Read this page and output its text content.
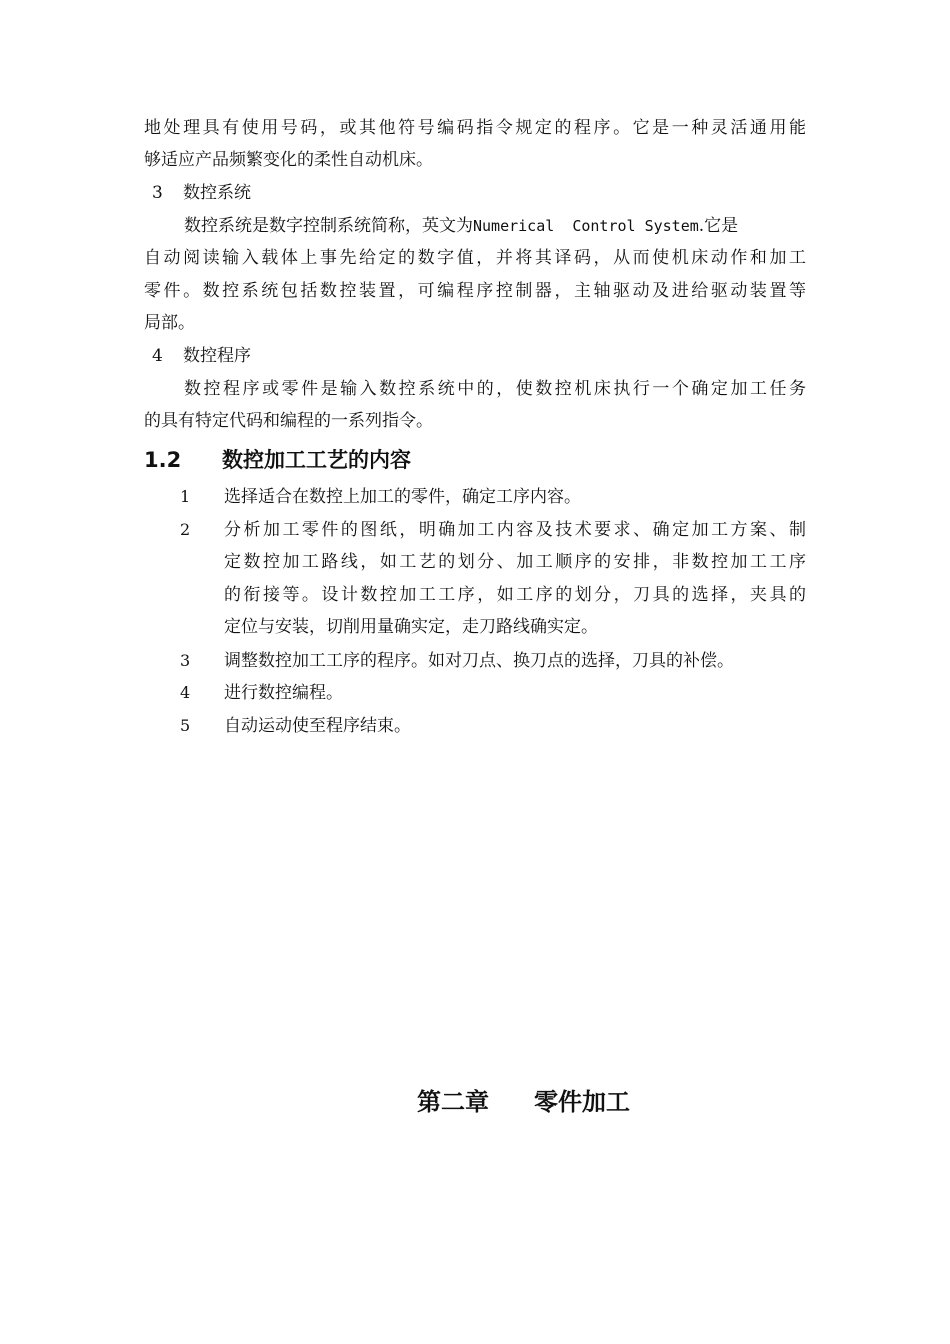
地处理具有使用号码，或其他符号编码指令规定的程序。它是一种灵活通用能
够适应产品频繁变化的柔性自动机床。
3 数控系统
数控系统是数字控制系统简称，英文为Numerical  Control System.它是
自动阅读输入载体上事先给定的数字值，并将其译码，从而使机床动作和加工
零件。数控系统包括数控装置，可编程序控制器，主轴驱动及进给驱动装置等
局部。
4 数控程序
数控程序或零件是输入数控系统中的，使数控机床执行一个确定加工任务
的具有特定代码和编程的一系列指令。
1.2 数控加工工艺的内容
1 选择适合在数控上加工的零件，确定工序内容。
2 分析加工零件的图纸，明确加工内容及技术要求、确定加工方案、制
定数控加工路线，如工艺的划分、加工顺序的安排，非数控加工工序
的衔接等。设计数控加工工序，如工序的划分，刀具的选择，夹具的
定位与安装，切削用量确实定，走刀路线确实定。
3 调整数控加工工序的程序。如对刀点、换刀点的选择，刀具的补偿。
4 进行数控编程。
5 自动运动使至程序结束。
第二章 零件加工
